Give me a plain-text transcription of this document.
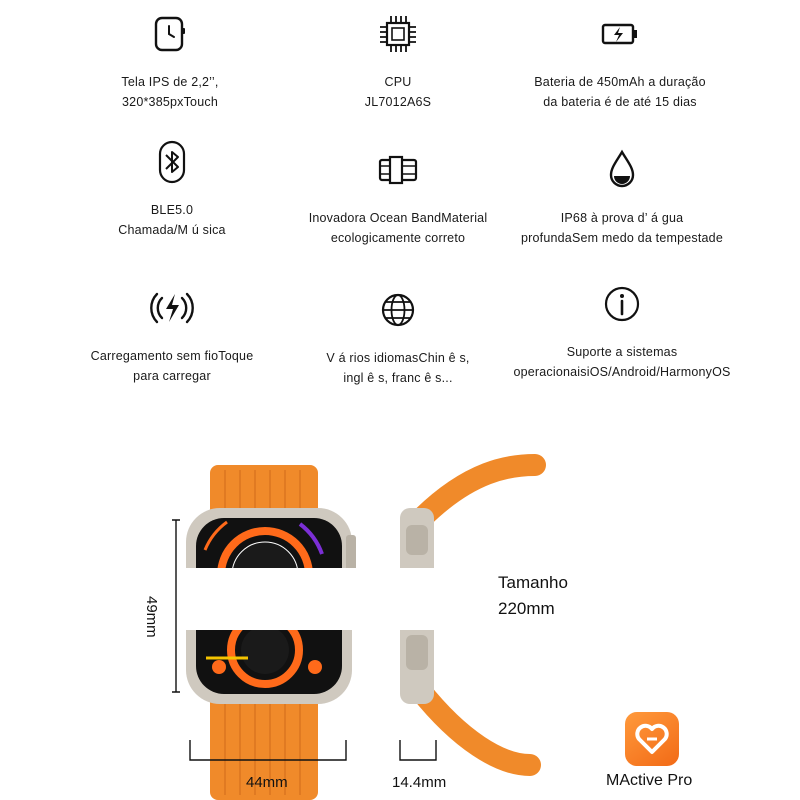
Tela IPS de 2,2’’,
320*385pxTouch
CPU
JL7012A6S
Bateria de 450mAh a duração
da bateria é de até 15 dias
BLE5.0
Chamada/M ú sica
Inovadora Ocean BandMaterial
ecologicamente correto
IP68 à prova d’ á gua
profundaSem medo da tempestade
Carregamento sem fioToque
para carregar
V á rios idiomasChin ê s,
ingl ê s, franc ê s...
Suporte a sistemas
operacionaisiOS/Android/HarmonyOS
49mm
44mm	14.4mm
Tamanho
220mm
MActive Pro
